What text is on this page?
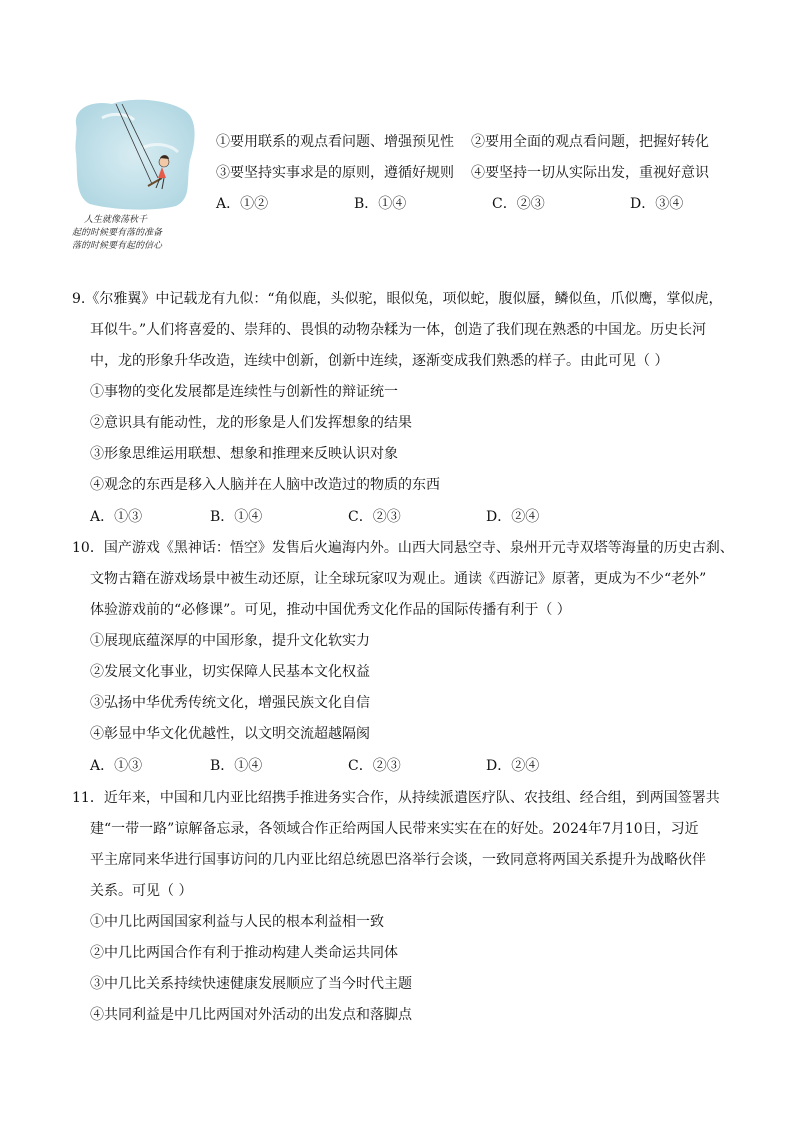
人生就像荡秋千
起的时候要有落的准备
落的时候要有起的信心
①要用联系的观点看问题、增强预见性 ②要用全面的观点看问题，把握好转化
③要坚持实事求是的原则，遵循好规则 ④要坚持一切从实际出发，重视好意识
A．①②	B．①④	C．②③	D．③④
9.《尔雅翼》中记载龙有九似：“角似鹿，头似驼，眼似兔，项似蛇，腹似蜃，鳞似鱼，爪似鹰，掌似虎，
耳似牛。”人们将喜爱的、崇拜的、畏惧的动物杂糅为一体，创造了我们现在熟悉的中国龙。历史长河
中，龙的形象升华改造，连续中创新，创新中连续，逐渐变成我们熟悉的样子。由此可见（ ）
①事物的变化发展都是连续性与创新性的辩证统一
②意识具有能动性，龙的形象是人们发挥想象的结果
③形象思维运用联想、想象和推理来反映认识对象
④观念的东西是移入人脑并在人脑中改造过的物质的东西
A．①③	B．①④	C．②③	D．②④
10．国产游戏《黑神话：悟空》发售后火遍海内外。山西大同悬空寺、泉州开元寺双塔等海量的历史古刹、
文物古籍在游戏场景中被生动还原，让全球玩家叹为观止。通读《西游记》原著，更成为不少“老外”
体验游戏前的“必修课”。可见，推动中国优秀文化作品的国际传播有利于（ ）
①展现底蕴深厚的中国形象，提升文化软实力
②发展文化事业，切实保障人民基本文化权益
③弘扬中华优秀传统文化，增强民族文化自信
④彰显中华文化优越性，以文明交流超越隔阂
A．①③	B．①④	C．②③	D．②④
11．近年来，中国和几内亚比绍携手推进务实合作，从持续派遣医疗队、农技组、经合组，到两国签署共
建“一带一路”谅解备忘录，各领域合作正给两国人民带来实实在在的好处。2024年7月10日，习近
平主席同来华进行国事访问的几内亚比绍总统恩巴洛举行会谈，一致同意将两国关系提升为战略伙伴
关系。可见（ ）
①中几比两国国家利益与人民的根本利益相一致
②中几比两国合作有利于推动构建人类命运共同体
③中几比关系持续快速健康发展顺应了当今时代主题
④共同利益是中几比两国对外活动的出发点和落脚点
